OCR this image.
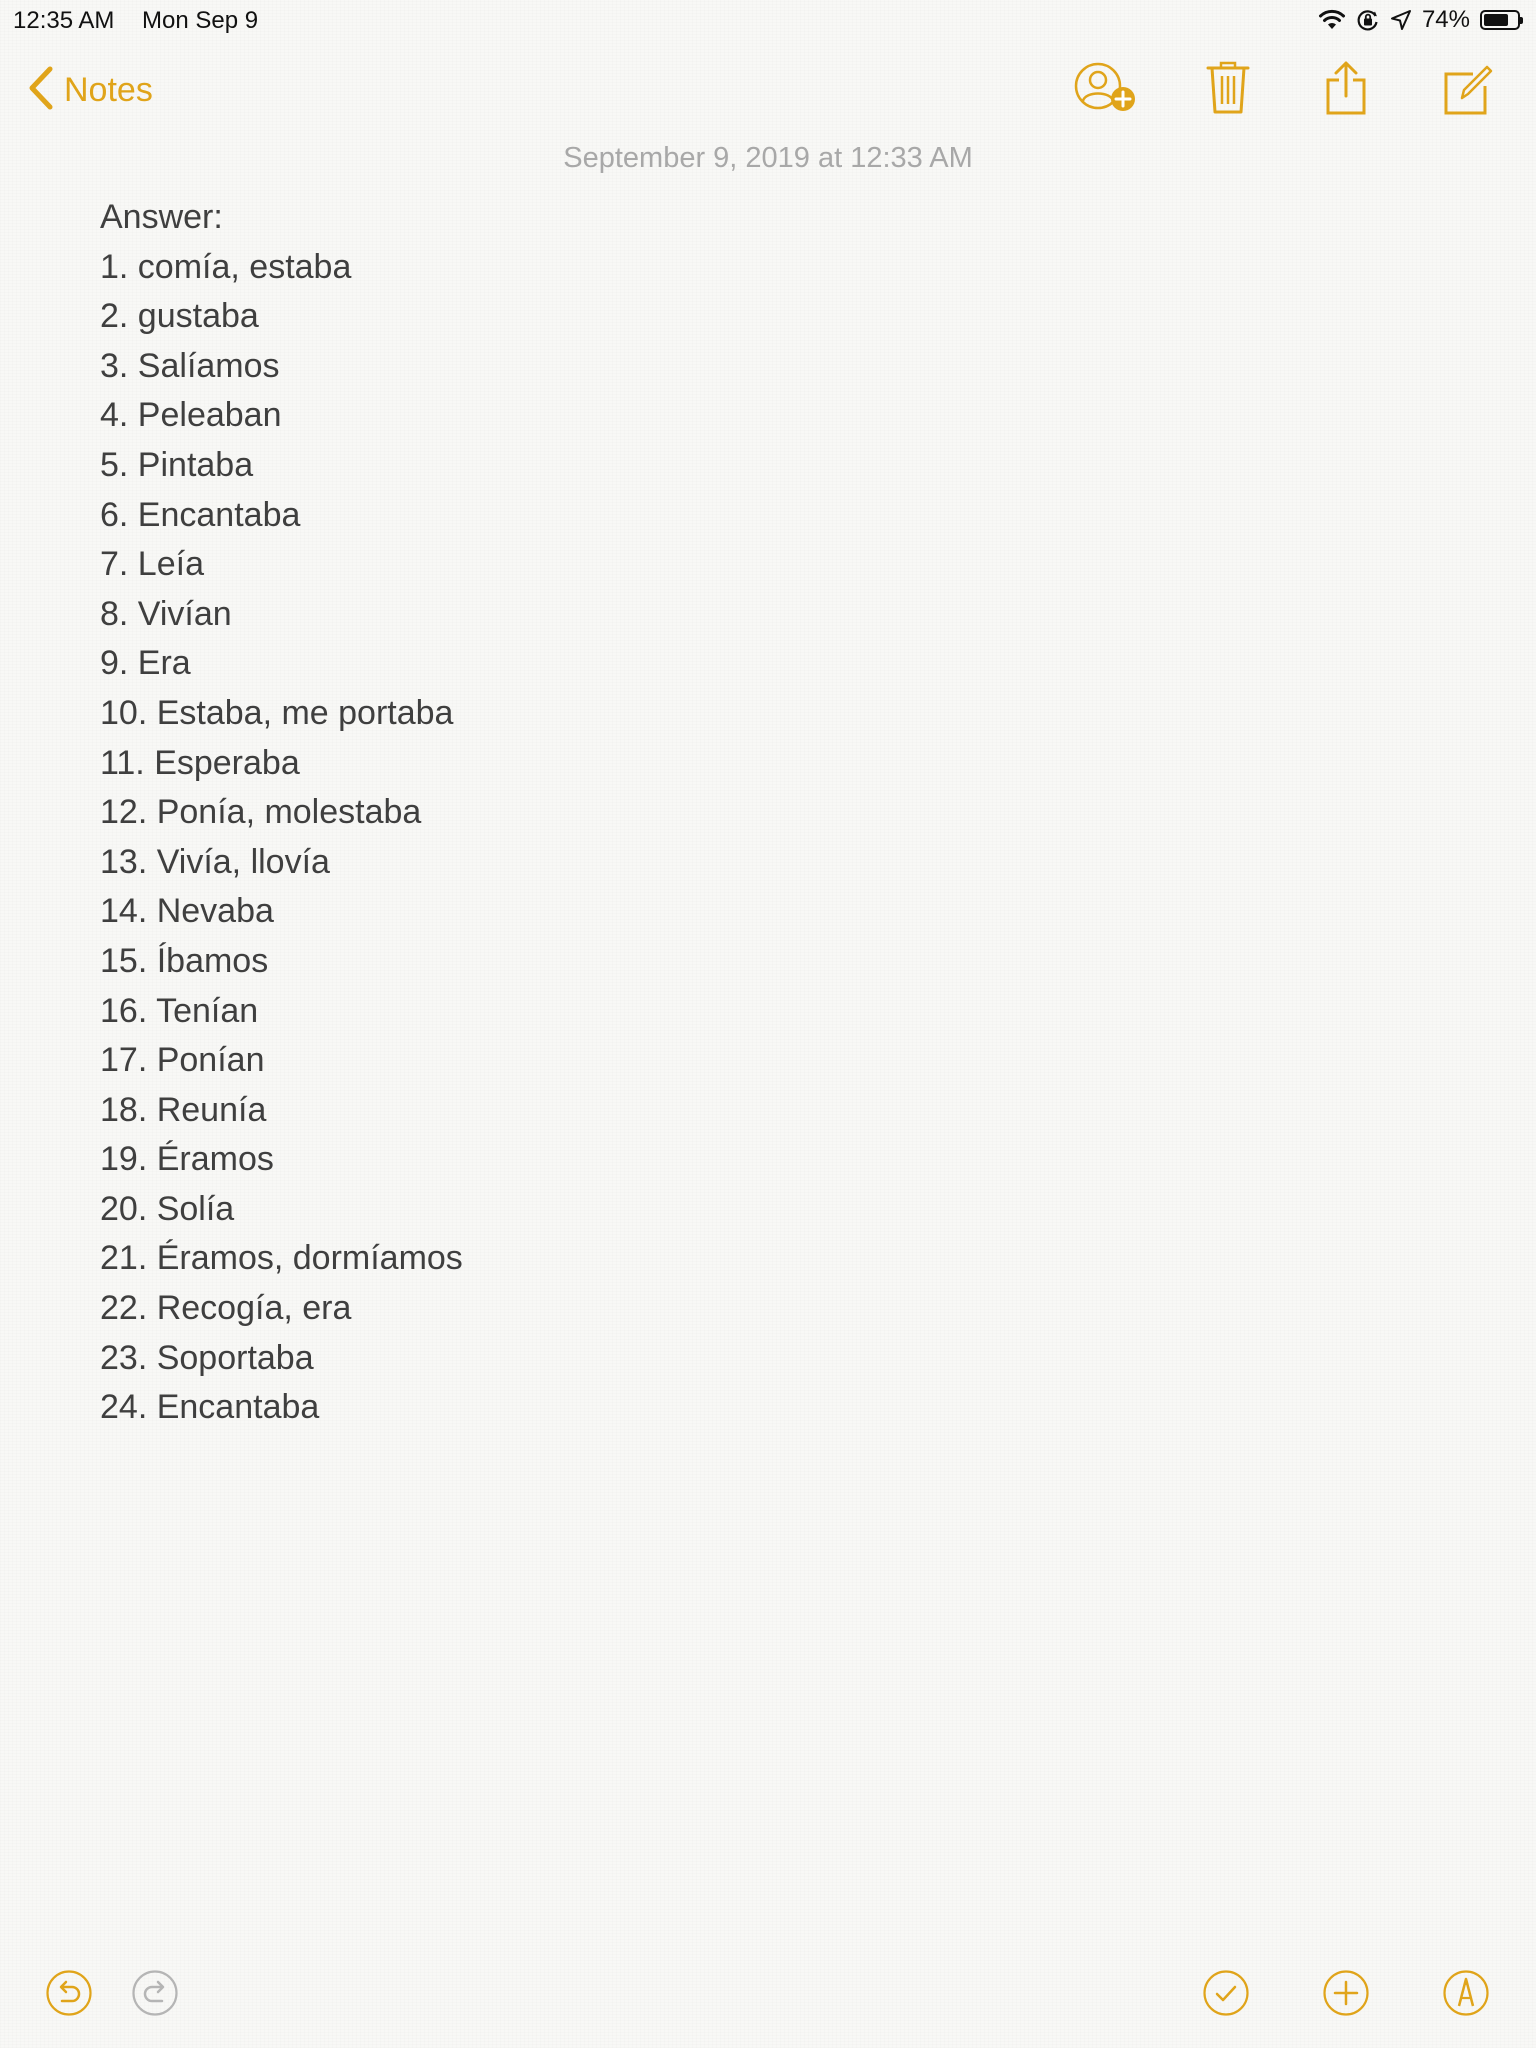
12:35 AM Mon Sep 9	74%
Notes
September 9, 2019 at 12:33 AM
Answer:
1. comía, estaba
2. gustaba
3. Salíamos
4. Peleaban
5. Pintaba
6. Encantaba
7. Leía
8. Vivían
9. Era
10. Estaba, me portaba
11. Esperaba
12. Ponía, molestaba
13. Vivía, llovía
14. Nevaba
15. Íbamos
16. Tenían
17. Ponían
18. Reunía
19. Éramos
20. Solía
21. Éramos, dormíamos
22. Recogía, era
23. Soportaba
24. Encantaba
